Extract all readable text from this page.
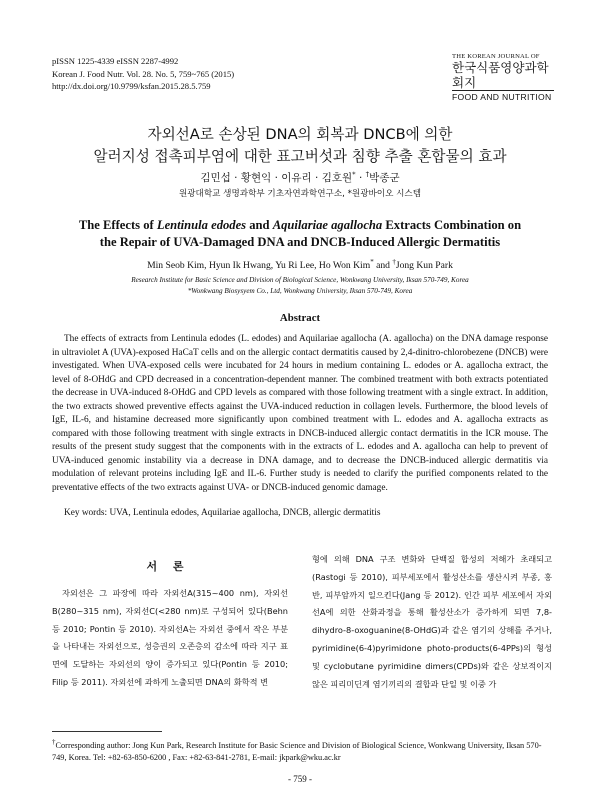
pISSN 1225-4339 eISSN 2287-4992
Korean J. Food Nutr. Vol. 28. No. 5, 759~765 (2015)
http://dx.doi.org/10.9799/ksfan.2015.28.5.759
THE KOREAN JOURNAL OF
한국식품영양과학회지
FOOD AND NUTRITION
자외선A로 손상된 DNA의 회복과 DNCB에 의한
알러지성 접촉피부염에 대한 표고버섯과 침향 추출 혼합물의 효과
김민섭 · 황현익 · 이유리 · 김호원* · †박종군
원광대학교 생명과학부 기초자연과학연구소, *원광바이오 시스템
The Effects of Lentinula edodes and Aquilariae agallocha Extracts Combination on
the Repair of UVA-Damaged DNA and DNCB-Induced Allergic Dermatitis
Min Seob Kim, Hyun Ik Hwang, Yu Ri Lee, Ho Won Kim* and †Jong Kun Park
Research Institute for Basic Science and Division of Biological Science, Wonkwang University, Iksan 570-749, Korea
*Wonkwang Biosysyem Co., Ltd, Wonkwang University, Iksan 570-749, Korea
Abstract
The effects of extracts from Lentinula edodes (L. edodes) and Aquilariae agallocha (A. agallocha) on the DNA damage response in ultraviolet A (UVA)-exposed HaCaT cells and on the allergic contact dermatitis caused by 2,4-dinitro-chlorobezene (DNCB) were investigated. When UVA-exposed cells were incubated for 24 hours in medium containing L. edodes or A. agallocha extract, the level of 8-OHdG and CPD decreased in a concentration-dependent manner. The combined treatment with both extracts potentiated the decrease in UVA-induced 8-OHdG and CPD levels as compared with those following treatment with a single extract. In addition, the two extracts showed preventive effects against the UVA-induced reduction in collagen levels. Furthermore, the blood levels of IgE, IL-6, and histamine decreased more significantly upon combined treatment with L. edodes and A. agallocha extracts as compared with those following treatment with single extracts in DNCB-induced allergic contact dermatitis in the ICR mouse. The results of the present study suggest that the components with in the extracts of L. edodes and A. agallocha can help to prevent of UVA-induced genomic instability via a decrease in DNA damage, and to decrease the DNCB-induced allergic dermatitis via modulation of relevant proteins including IgE and IL-6. Further study is needed to clarify the purified components related to the preventative effects of the two extracts against UVA- or DNCB-induced genomic damage.
Key words: UVA, Lentinula edodes, Aquilariae agallocha, DNCB, allergic dermatitis
서 론
자외선은 그 파장에 따라 자외선A(315~400 nm), 자외선B(280~315 nm), 자외선C(<280 nm)로 구성되어 있다(Behn 등 2010; Pontin 등 2010). 자외선A는 자외선 중에서 작은 부분을 나타내는 자외선으로, 성층권의 오존층의 감소에 따라 지구 표면에 도달하는 자외선의 양이 증가되고 있다(Pontin 등 2010; Filip 등 2011). 자외선에 과하게 노출되면 DNA의 화학적 변
형에 의해 DNA 구조 변화와 단백질 합성의 저해가 초래되고(Rastogi 등 2010), 피부세포에서 활성산소를 생산시켜 부종, 홍반, 피부암까지 일으킨다(Jang 등 2012). 인간 피부 세포에서 자외선A에 의한 산화과정을 통해 활성산소가 증가하게 되면 7,8-dihydro-8-oxoguanine(8-OHdG)과 같은 염기의 상해를 주거나, pyrimidine(6-4)pyrimidone photo-products(6-4PPs)의 형성 및 cyclobutane pyrimidine dimers(CPDs)와 같은 상보적이지 않은 피리미딘계 염기끼리의 결합과 단일 및 이중 가
†Corresponding author: Jong Kun Park, Research Institute for Basic Science and Division of Biological Science, Wonkwang University, Iksan 570-749, Korea. Tel: +82-63-850-6200 , Fax: +82-63-841-2781, E-mail: jkpark@wku.ac.kr
- 759 -
